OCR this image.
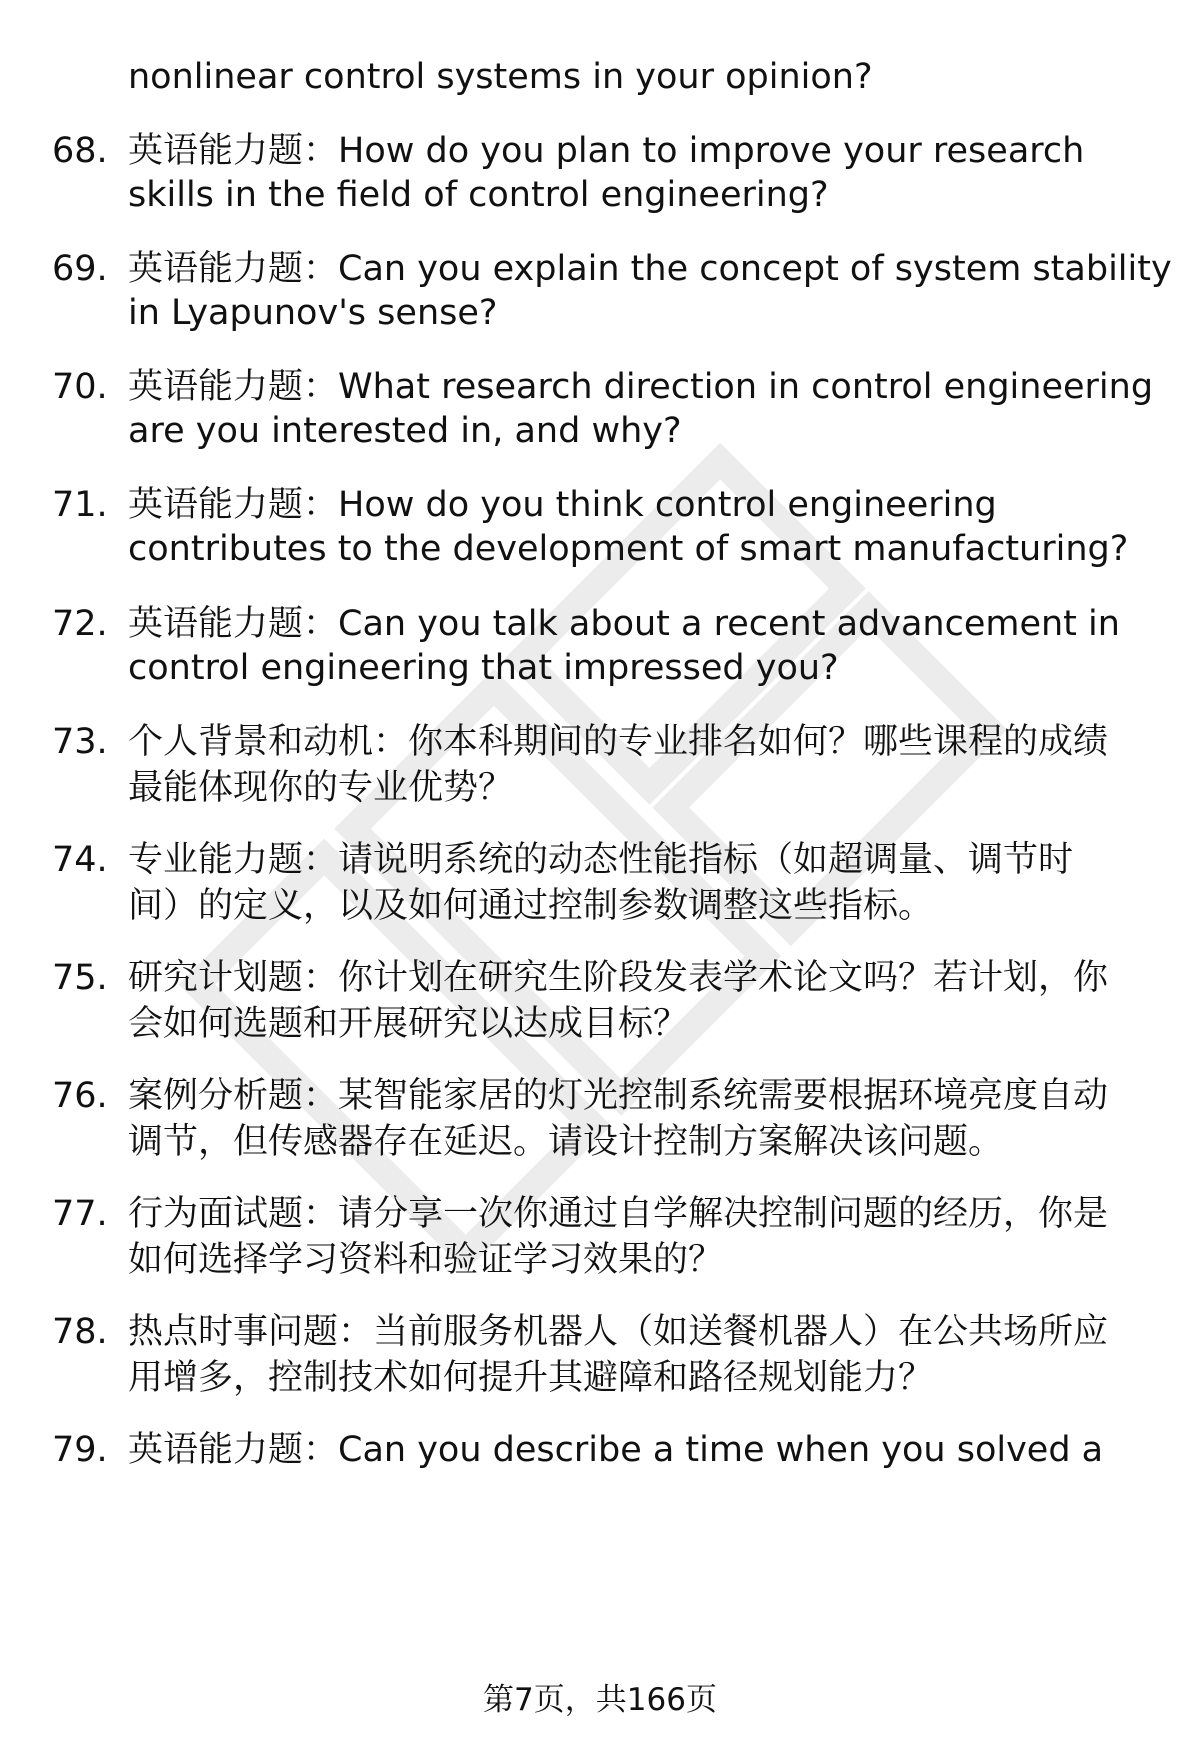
nonlinear control systems in your opinion?
68. 英语能力题：How do you plan to improve your research
skills in the field of control engineering?
69. 英语能力题：Can you explain the concept of system stability
in Lyapunov's sense?
70. 英语能力题：What research direction in control engineering
are you interested in, and why?
71. 英语能力题：How do you think control engineering
contributes to the development of smart manufacturing?
72. 英语能力题：Can you talk about a recent advancement in
control engineering that impressed you?
73. 个人背景和动机：你本科期间的专业排名如何？哪些课程的成绩
最能体现你的专业优势？
74. 专业能力题：请说明系统的动态性能指标（如超调量、调节时
间）的定义，以及如何通过控制参数调整这些指标。
75. 研究计划题：你计划在研究生阶段发表学术论文吗？若计划，你
会如何选题和开展研究以达成目标？
76. 案例分析题：某智能家居的灯光控制系统需要根据环境亮度自动
调节，但传感器存在延迟。请设计控制方案解决该问题。
77. 行为面试题：请分享一次你通过自学解决控制问题的经历，你是
如何选择学习资料和验证学习效果的？
78. 热点时事问题：当前服务机器人（如送餐机器人）在公共场所应
用增多，控制技术如何提升其避障和路径规划能力？
79. 英语能力题：Can you describe a time when you solved a
第7页，共166页
